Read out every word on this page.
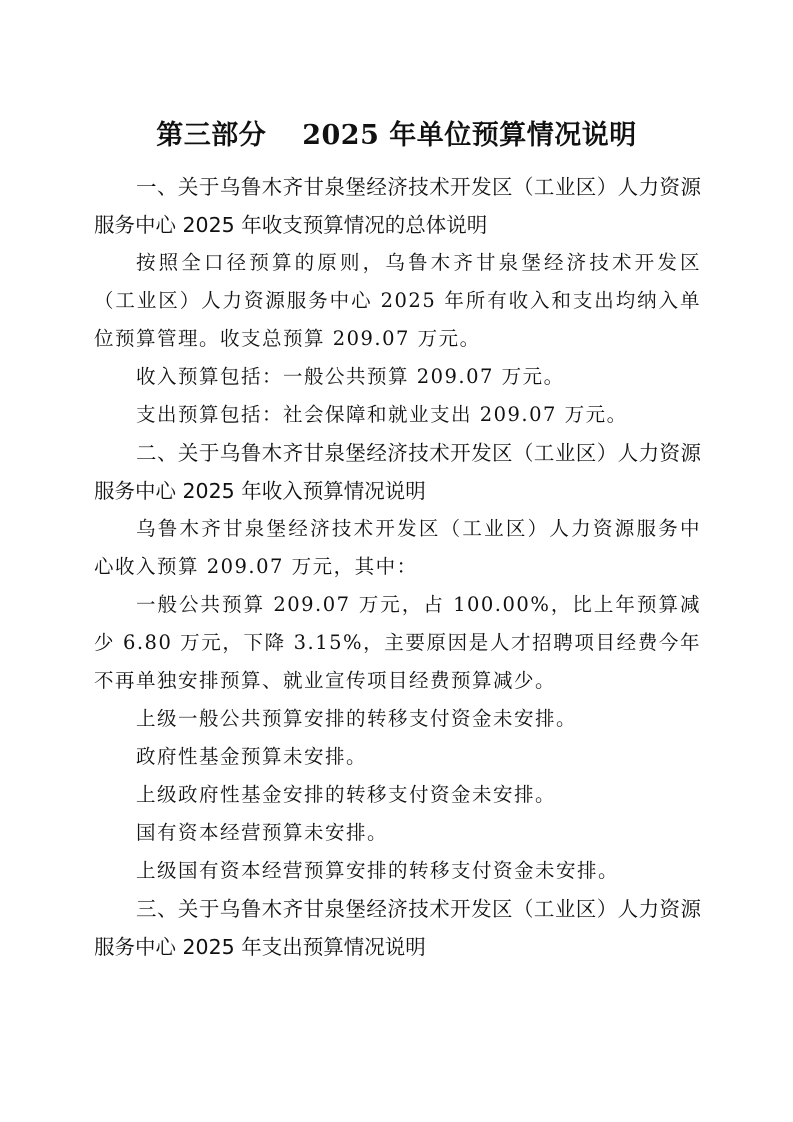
第三部分 2025 年单位预算情况说明

一、关于乌鲁木齐甘泉堡经济技术开发区（工业区）人力资源服务中心 2025 年收支预算情况的总体说明

按照全口径预算的原则，乌鲁木齐甘泉堡经济技术开发区（工业区）人力资源服务中心 2025 年所有收入和支出均纳入单位预算管理。收支总预算 209.07 万元。

收入预算包括：一般公共预算 209.07 万元。

支出预算包括：社会保障和就业支出 209.07 万元。

二、关于乌鲁木齐甘泉堡经济技术开发区（工业区）人力资源服务中心 2025 年收入预算情况说明

乌鲁木齐甘泉堡经济技术开发区（工业区）人力资源服务中心收入预算 209.07 万元，其中：

一般公共预算 209.07 万元，占 100.00%，比上年预算减少 6.80 万元，下降 3.15%，主要原因是人才招聘项目经费今年不再单独安排预算、就业宣传项目经费预算减少。

上级一般公共预算安排的转移支付资金未安排。

政府性基金预算未安排。

上级政府性基金安排的转移支付资金未安排。

国有资本经营预算未安排。

上级国有资本经营预算安排的转移支付资金未安排。

三、关于乌鲁木齐甘泉堡经济技术开发区（工业区）人力资源服务中心 2025 年支出预算情况说明
